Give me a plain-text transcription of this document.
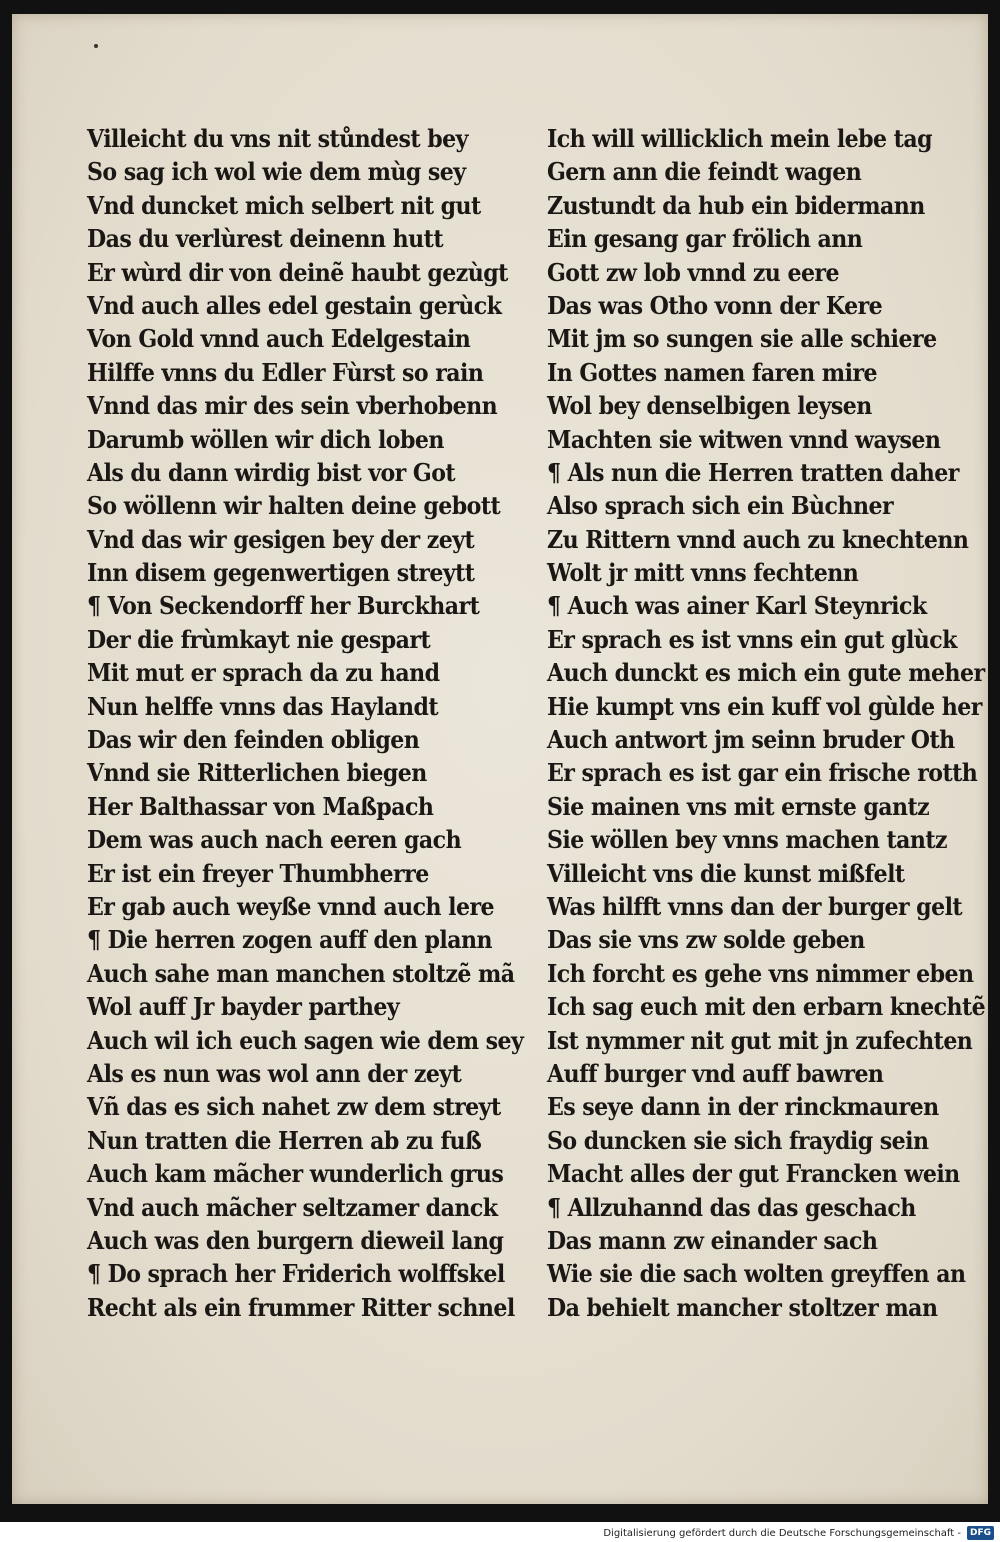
Villeicht du vns nit stůndest bey
So sag ich wol wie dem mùg sey
Vnd duncket mich selbert nit gut
Das du verlùrest deinenn hutt
Er wùrd dir von deinẽ haubt gezùgt
Vnd auch alles edel gestain gerùck
Von Gold vnnd auch Edelgestain
Hilffe vnns du Edler Fùrst so rain
Vnnd das mir des sein vberhobenn
Darumb wöllen wir dich loben
Als du dann wirdig bist vor Got
So wöllenn wir halten deine gebott
Vnd das wir gesigen bey der zeyt
Inn disem gegenwertigen streytt
¶ Von Seckendorff her Burckhart
Der die frùmkayt nie gespart
Mit mut er sprach da zu hand
Nun helffe vnns das Haylandt
Das wir den feinden obligen
Vnnd sie Ritterlichen biegen
Her Balthassar von Maßpach
Dem was auch nach eeren gach
Er ist ein freyer Thumbherre
Er gab auch weyße vnnd auch lere
¶ Die herren zogen auff den plann
Auch sahe man manchen stoltzẽ mã
Wol auff Jr bayder parthey
Auch wil ich euch sagen wie dem sey
Als es nun was wol ann der zeyt
Vñ das es sich nahet zw dem streyt
Nun tratten die Herren ab zu fuß
Auch kam mãcher wunderlich grus
Vnd auch mãcher seltzamer danck
Auch was den burgern dieweil lang
¶ Do sprach her Friderich wolffskel
Recht als ein frummer Ritter schnel
Ich will willicklich mein lebe tag
Gern ann die feindt wagen
Zustundt da hub ein bidermann
Ein gesang gar frölich ann
Gott zw lob vnnd zu eere
Das was Otho vonn der Kere
Mit jm so sungen sie alle schiere
In Gottes namen faren mire
Wol bey denselbigen leysen
Machten sie witwen vnnd waysen
¶ Als nun die Herren tratten daher
Also sprach sich ein Bùchner
Zu Rittern vnnd auch zu knechtenn
Wolt jr mitt vnns fechtenn
¶ Auch was ainer Karl Steynrick
Er sprach es ist vnns ein gut glùck
Auch dunckt es mich ein gute meher
Hie kumpt vns ein kuff vol gùlde her
Auch antwort jm seinn bruder Oth
Er sprach es ist gar ein frische rotth
Sie mainen vns mit ernste gantz
Sie wöllen bey vnns machen tantz
Villeicht vns die kunst mißfelt
Was hilfft vnns dan der burger gelt
Das sie vns zw solde geben
Ich forcht es gehe vns nimmer eben
Ich sag euch mit den erbarn knechtẽ
Ist nymmer nit gut mit jn zufechten
Auff burger vnd auff bawren
Es seye dann in der rinckmauren
So duncken sie sich fraydig sein
Macht alles der gut Francken wein
¶ Allzuhannd das das geschach
Das mann zw einander sach
Wie sie die sach wolten greyffen an
Da behielt mancher stoltzer man
Digitalisierung gefördert durch die Deutsche Forschungsgemeinschaft -	DFG
